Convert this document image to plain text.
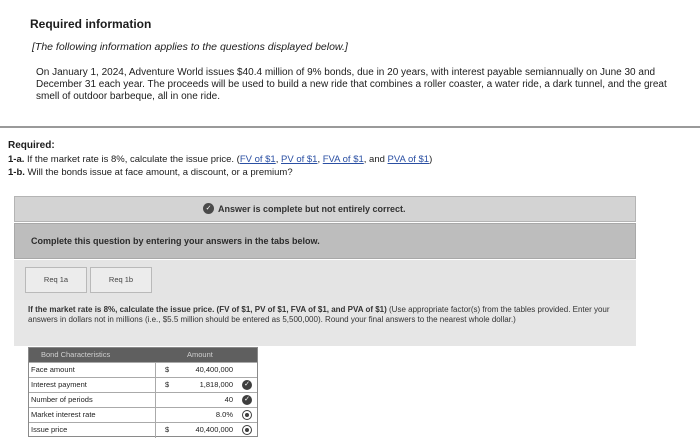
Required information
[The following information applies to the questions displayed below.]
On January 1, 2024, Adventure World issues $40.4 million of 9% bonds, due in 20 years, with interest payable semiannually on June 30 and December 31 each year. The proceeds will be used to build a new ride that combines a roller coaster, a water ride, a dark tunnel, and the great smell of outdoor barbeque, all in one ride.
Required:
1-a. If the market rate is 8%, calculate the issue price. (FV of $1, PV of $1, FVA of $1, and PVA of $1)
1-b. Will the bonds issue at face amount, a discount, or a premium?
✓ Answer is complete but not entirely correct.
Complete this question by entering your answers in the tabs below.
Req 1a	Req 1b
If the market rate is 8%, calculate the issue price. (FV of $1, PV of $1, FVA of $1, and PVA of $1) (Use appropriate factor(s) from the tables provided. Enter your answers in dollars not in millions (i.e., $5.5 million should be entered as 5,500,000). Round your final answers to the nearest whole dollar.)
Bond Characteristics	Amount
Face amount	$	40,400,000
Interest payment	$	1,818,000 ✓
Number of periods	40 ✓
Market interest rate	8.0%
Issue price	$	40,400,000
